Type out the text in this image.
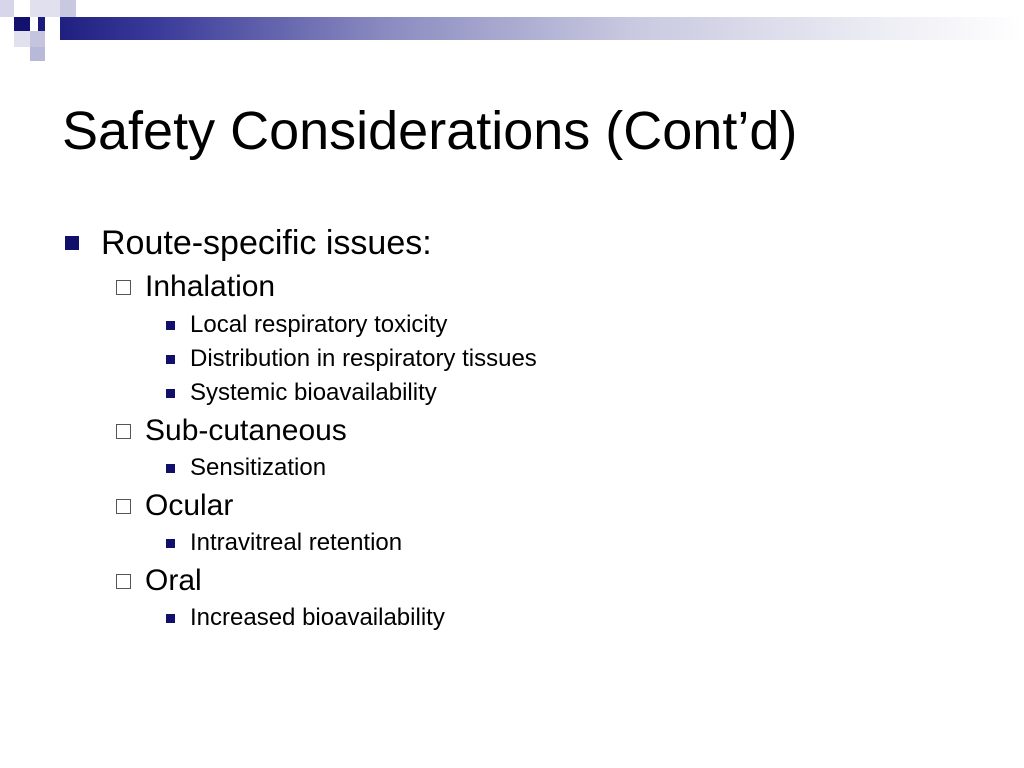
Safety Considerations (Cont’d)
Route-specific issues:
Inhalation
Local respiratory toxicity
Distribution in respiratory tissues
Systemic bioavailability
Sub-cutaneous
Sensitization
Ocular
Intravitreal retention
Oral
Increased bioavailability
